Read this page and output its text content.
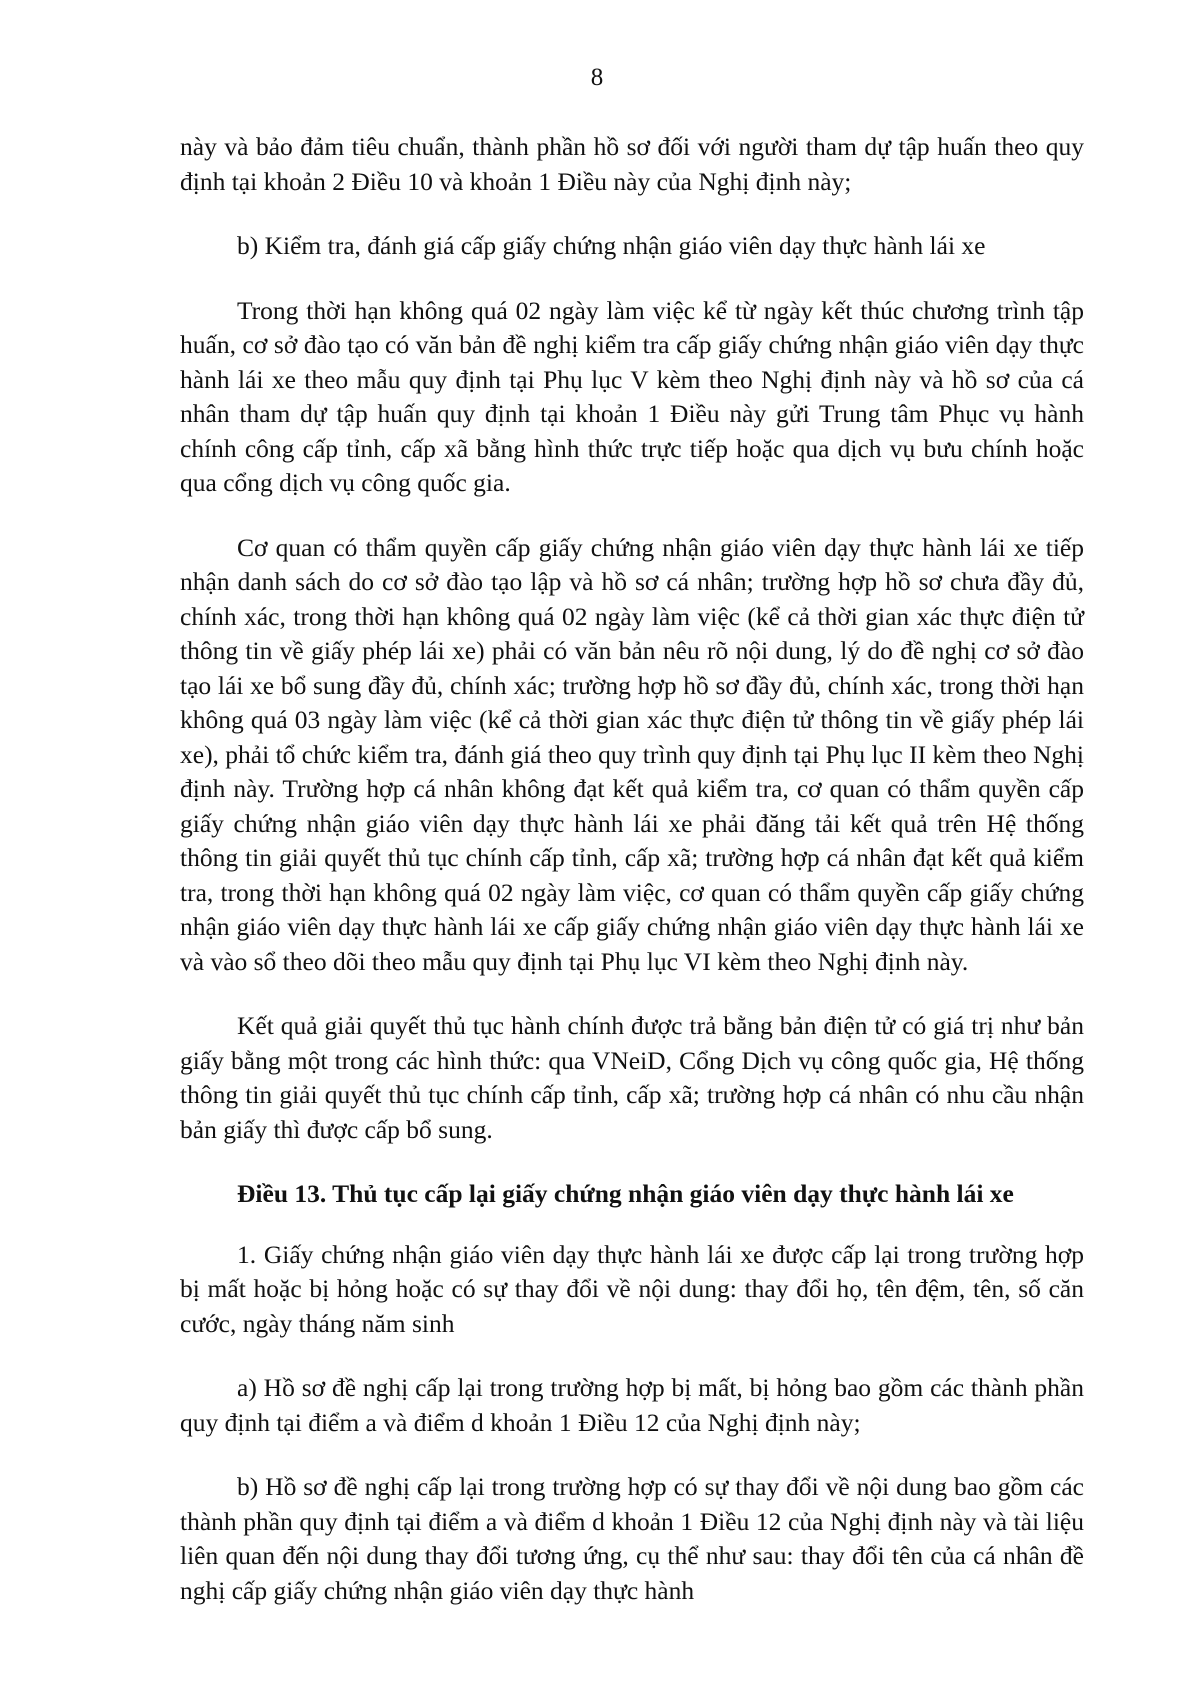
8

này và bảo đảm tiêu chuẩn, thành phần hồ sơ đối với người tham dự tập huấn theo quy định tại khoản 2 Điều 10 và khoản 1 Điều này của Nghị định này;

b) Kiểm tra, đánh giá cấp giấy chứng nhận giáo viên dạy thực hành lái xe

Trong thời hạn không quá 02 ngày làm việc kể từ ngày kết thúc chương trình tập huấn, cơ sở đào tạo có văn bản đề nghị kiểm tra cấp giấy chứng nhận giáo viên dạy thực hành lái xe theo mẫu quy định tại Phụ lục V kèm theo Nghị định này và hồ sơ của cá nhân tham dự tập huấn quy định tại khoản 1 Điều này gửi Trung tâm Phục vụ hành chính công cấp tỉnh, cấp xã bằng hình thức trực tiếp hoặc qua dịch vụ bưu chính hoặc qua cổng dịch vụ công quốc gia.

Cơ quan có thẩm quyền cấp giấy chứng nhận giáo viên dạy thực hành lái xe tiếp nhận danh sách do cơ sở đào tạo lập và hồ sơ cá nhân; trường hợp hồ sơ chưa đầy đủ, chính xác, trong thời hạn không quá 02 ngày làm việc (kể cả thời gian xác thực điện tử thông tin về giấy phép lái xe) phải có văn bản nêu rõ nội dung, lý do đề nghị cơ sở đào tạo lái xe bổ sung đầy đủ, chính xác; trường hợp hồ sơ đầy đủ, chính xác, trong thời hạn không quá 03 ngày làm việc (kể cả thời gian xác thực điện tử thông tin về giấy phép lái xe), phải tổ chức kiểm tra, đánh giá theo quy trình quy định tại Phụ lục II kèm theo Nghị định này. Trường hợp cá nhân không đạt kết quả kiểm tra, cơ quan có thẩm quyền cấp giấy chứng nhận giáo viên dạy thực hành lái xe phải đăng tải kết quả trên Hệ thống thông tin giải quyết thủ tục chính cấp tỉnh, cấp xã; trường hợp cá nhân đạt kết quả kiểm tra, trong thời hạn không quá 02 ngày làm việc, cơ quan có thẩm quyền cấp giấy chứng nhận giáo viên dạy thực hành lái xe cấp giấy chứng nhận giáo viên dạy thực hành lái xe và vào sổ theo dõi theo mẫu quy định tại Phụ lục VI kèm theo Nghị định này.

Kết quả giải quyết thủ tục hành chính được trả bằng bản điện tử có giá trị như bản giấy bằng một trong các hình thức: qua VNeiD, Cổng Dịch vụ công quốc gia, Hệ thống thông tin giải quyết thủ tục chính cấp tỉnh, cấp xã; trường hợp cá nhân có nhu cầu nhận bản giấy thì được cấp bổ sung.

Điều 13. Thủ tục cấp lại giấy chứng nhận giáo viên dạy thực hành lái xe

1. Giấy chứng nhận giáo viên dạy thực hành lái xe được cấp lại trong trường hợp bị mất hoặc bị hỏng hoặc có sự thay đổi về nội dung: thay đổi họ, tên đệm, tên, số căn cước, ngày tháng năm sinh

a) Hồ sơ đề nghị cấp lại trong trường hợp bị mất, bị hỏng bao gồm các thành phần quy định tại điểm a và điểm d khoản 1 Điều 12 của Nghị định này;

b) Hồ sơ đề nghị cấp lại trong trường hợp có sự thay đổi về nội dung bao gồm các thành phần quy định tại điểm a và điểm d khoản 1 Điều 12 của Nghị định này và tài liệu liên quan đến nội dung thay đổi tương ứng, cụ thể như sau: thay đổi tên của cá nhân đề nghị cấp giấy chứng nhận giáo viên dạy thực hành
